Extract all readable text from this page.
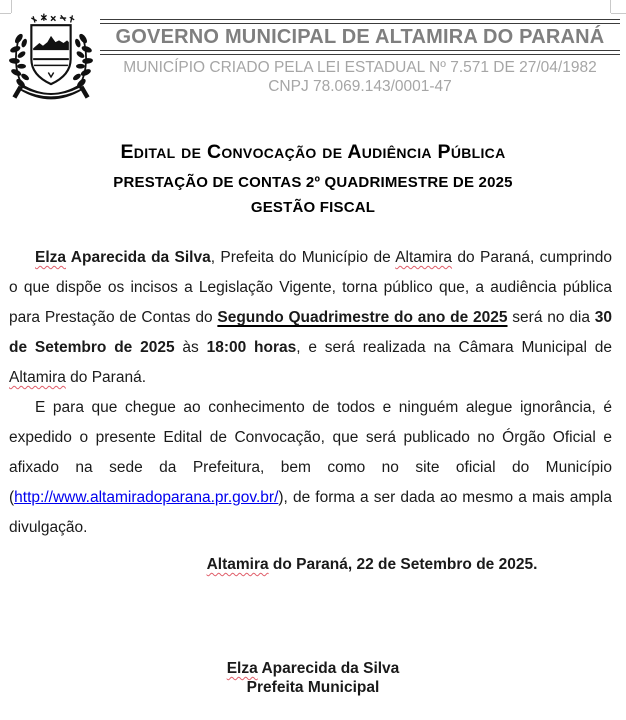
GOVERNO MUNICIPAL DE ALTAMIRA DO PARANÁ
MUNICÍPIO CRIADO PELA LEI ESTADUAL Nº 7.571 DE 27/04/1982
CNPJ 78.069.143/0001-47
Edital de Convocação de Audiência Pública
PRESTAÇÃO DE CONTAS 2º QUADRIMESTRE DE 2025
GESTÃO FISCAL

Elza Aparecida da Silva, Prefeita do Município de Altamira do Paraná, cumprindo o que dispõe os incisos a Legislação Vigente, torna público que, a audiência pública para Prestação de Contas do Segundo Quadrimestre do ano de 2025 será no dia 30 de Setembro de 2025 às 18:00 horas, e será realizada na Câmara Municipal de Altamira do Paraná.

E para que chegue ao conhecimento de todos e ninguém alegue ignorância, é expedido o presente Edital de Convocação, que será publicado no Órgão Oficial e afixado na sede da Prefeitura, bem como no site oficial do Município (http://www.altamiradoparana.pr.gov.br/), de forma a ser dada ao mesmo a mais ampla divulgação.

Altamira do Paraná, 22 de Setembro de 2025.

Elza Aparecida da Silva
Prefeita Municipal
